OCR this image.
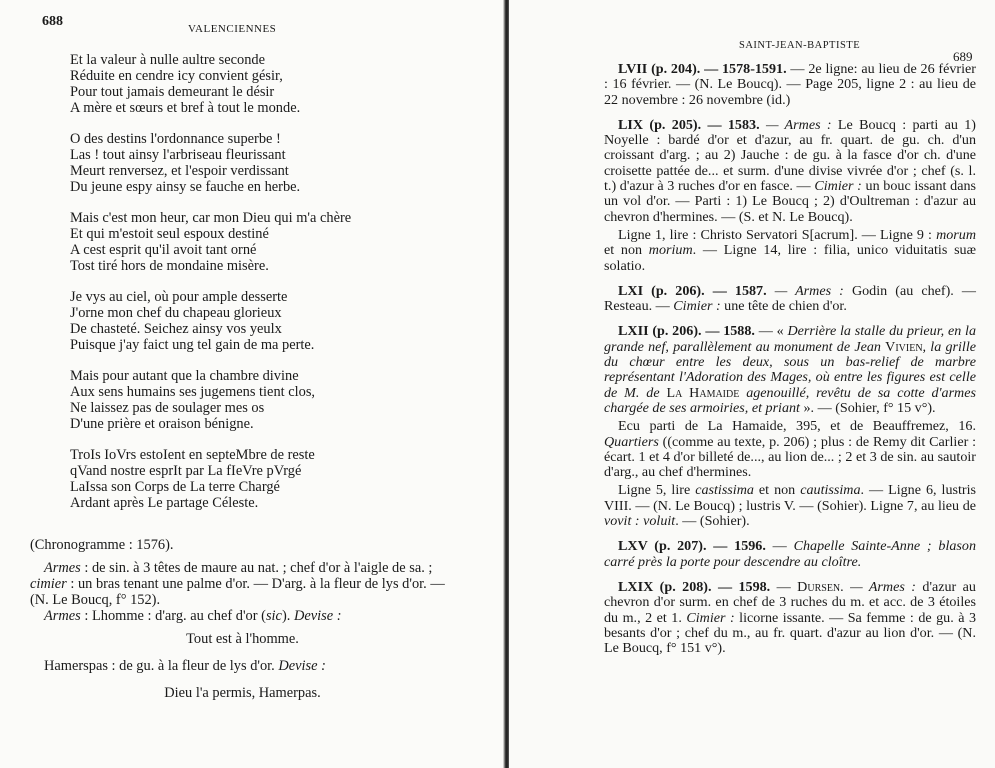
688	VALENCIENNES
Et la valeur à nulle aultre seconde
Réduite en cendre icy convient gésir,
Pour tout jamais demeurant le désir
A mère et sœurs et bref à tout le monde.
O des destins l'ordonnance superbe !
Las ! tout ainsy l'arbriseau fleurissant
Meurt renversez, et l'espoir verdissant
Du jeune espy ainsy se fauche en herbe.
Mais c'est mon heur, car mon Dieu qui m'a chère
Et qui m'estoit seul espoux destiné
A cest esprit qu'il avoit tant orné
Tost tiré hors de mondaine misère.
Je vys au ciel, où pour ample desserte
J'orne mon chef du chapeau glorieux
De chasteté. Seichez ainsy vos yeulx
Puisque j'ay faict ung tel gain de ma perte.
Mais pour autant que la chambre divine
Aux sens humains ses jugemens tient clos,
Ne laissez pas de soulager mes os
D'une prière et oraison bénigne.
TroIs IoVrs estoIent en septeMbre de reste
qVand nostre esprIt par La fIeVre pVrgé
LaIssa son Corps de La terre Chargé
Ardant après Le partage Céleste.

(Chronogramme : 1576).

Armes : de sin. à 3 têtes de maure au nat. ; chef d'or à l'aigle de sa. ; cimier : un bras tenant une palme d'or. — D'arg. à la fleur de lys d'or. — (N. Le Boucq, f° 152).

Armes : Lhomme : d'arg. au chef d'or (sic). Devise :

Tout est à l'homme.

Hamerspas : de gu. à la fleur de lys d'or. Devise :

Dieu l'a permis, Hamerpas.

SAINT-JEAN-BAPTISTE
689

LVII (p. 204). — 1578-1591. — 2e ligne: au lieu de 26 février : 16 février. — (N. Le Boucq). — Page 205, ligne 2 : au lieu de 22 novembre : 26 novembre (id.)

LIX (p. 205). — 1583. — Armes : Le Boucq : parti au 1) Noyelle : bardé d'or et d'azur, au fr. quart. de gu. ch. d'un croissant d'arg. ; au 2) Jauche : de gu. à la fasce d'or ch. d'une croisette pattée de... et surm. d'une divise vivrée d'or ; chef (s. l. t.) d'azur à 3 ruches d'or en fasce. — Cimier : un bouc issant dans un vol d'or. — Parti : 1) Le Boucq ; 2) d'Oultreman : d'azur au chevron d'hermines. — (S. et N. Le Boucq).

Ligne 1, lire : Christo Servatori S[acrum]. — Ligne 9 : morum et non morium. — Ligne 14, lire : filia, unico viduitatis suæ solatio.

LXI (p. 206). — 1587. — Armes : Godin (au chef). — Resteau. — Cimier : une tête de chien d'or.

LXII (p. 206). — 1588. — « Derrière la stalle du prieur, en la grande nef, parallèlement au monument de Jean Vivien, la grille du chœur entre les deux, sous un bas-relief de marbre représentant l'Adoration des Mages, où entre les figures est celle de M. de La Hamaide agenouillé, revêtu de sa cotte d'armes chargée de ses armoiries, et priant ». — (Sohier, f° 15 v°).

Ecu parti de La Hamaide, 395, et de Beauffremez, 16. Quartiers ((comme au texte, p. 206) ; plus : de Remy dit Carlier : écart. 1 et 4 d'or billeté de..., au lion de... ; 2 et 3 de sin. au sautoir d'arg., au chef d'hermines.

Ligne 5, lire castissima et non cautissima. — Ligne 6, lustris VIII. — (N. Le Boucq) ; lustris V. — (Sohier). Ligne 7, au lieu de vovit : voluit. — (Sohier).

LXV (p. 207). — 1596. — Chapelle Sainte-Anne ; blason carré près la porte pour descendre au cloître.

LXIX (p. 208). — 1598. — Dursen. — Armes : d'azur au chevron d'or surm. en chef de 3 ruches du m. et acc. de 3 étoiles du m., 2 et 1. Cimier : licorne issante. — Sa femme : de gu. à 3 besants d'or ; chef du m., au fr. quart. d'azur au lion d'or. — (N. Le Boucq, f° 151 v°).
